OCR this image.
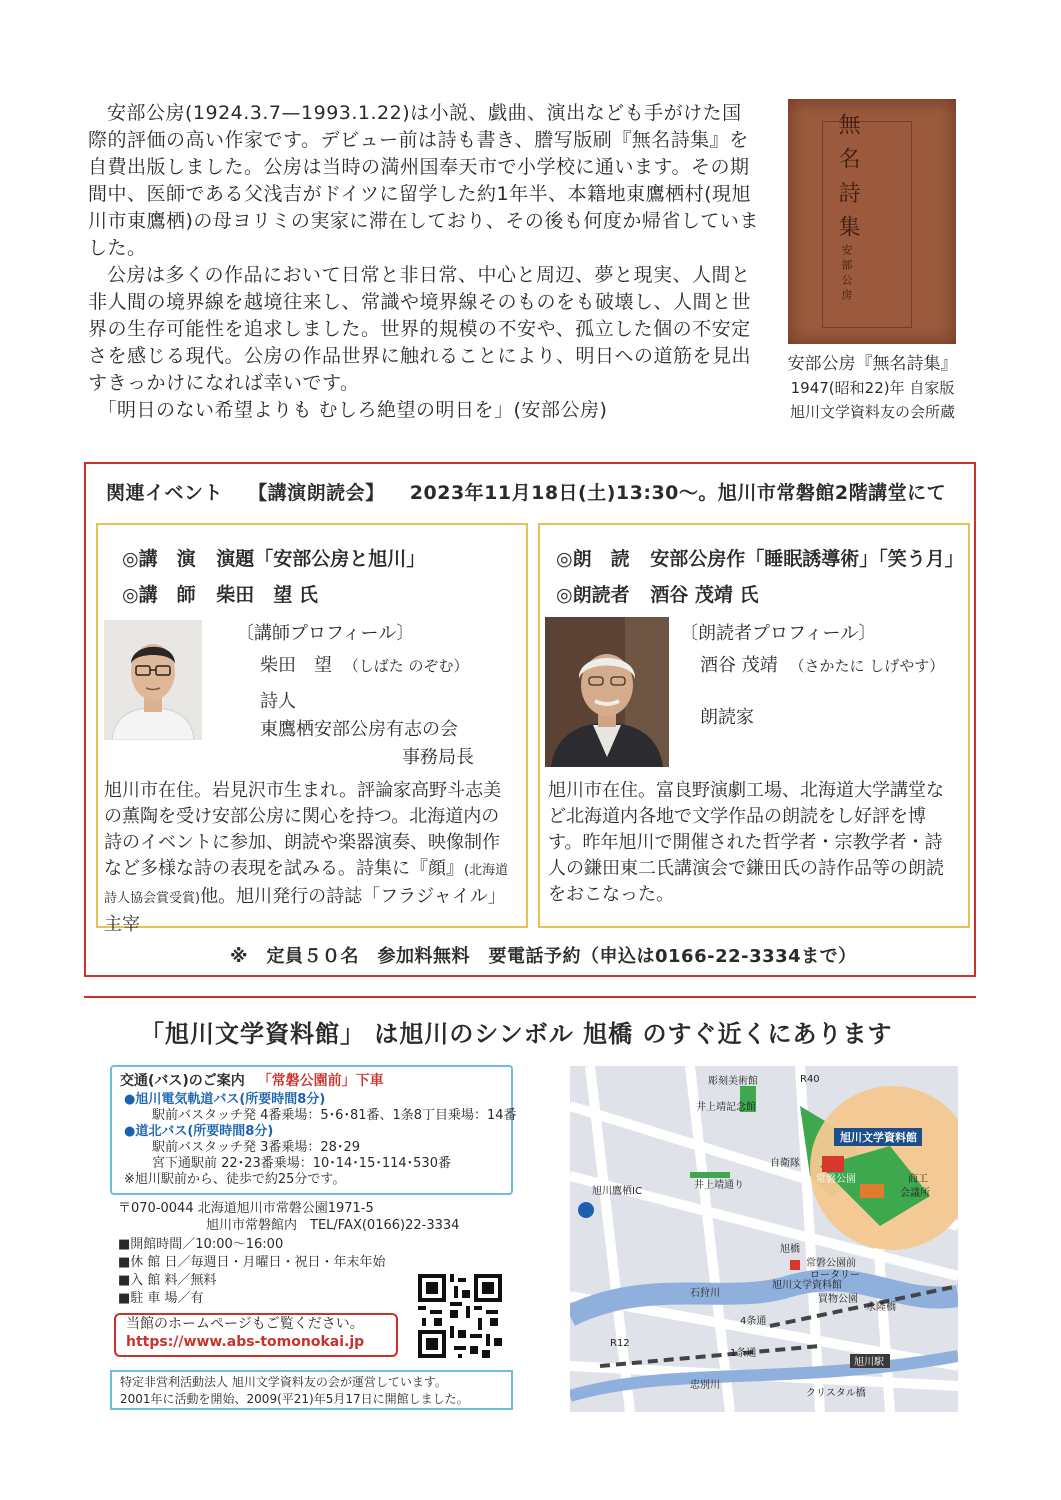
安部公房(1924.3.7—1993.1.22)は小説、戯曲、演出なども手がけた国際的評価の高い作家です。デビュー前は詩も書き、謄写版刷『無名詩集』を自費出版しました。公房は当時の満州国奉天市で小学校に通います。その期間中、医師である父浅吉がドイツに留学した約1年半、本籍地東鷹栖村(現旭川市東鷹栖)の母ヨリミの実家に滞在しており、その後も何度か帰省していました。

公房は多くの作品において日常と非日常、中心と周辺、夢と現実、人間と非人間の境界線を越境往来し、常識や境界線そのものをも破壊し、人間と世界の生存可能性を追求しました。世界的規模の不安や、孤立した個の不安定さを感じる現代。公房の作品世界に触れることにより、明日への道筋を見出すきっかけになれば幸いです。

「明日のない希望よりも むしろ絶望の明日を」(安部公房)

無名詩集
安部公房
安部公房『無名詩集』
1947(昭和22)年 自家版
旭川文学資料友の会所蔵
関連イベント 【講演朗読会】 2023年11月18日(土)13:30～。旭川市常磐館2階講堂にて
◎講　演 演題「安部公房と旭川」
◎講　師 柴田　望 氏
〔講師プロフィール〕
柴田　望 （しばた のぞむ）
詩人
東鷹栖安部公房有志の会
事務局長
旭川市在住。岩見沢市生まれ。評論家高野斗志美の薫陶を受け安部公房に関心を持つ。北海道内の詩のイベントに参加、朗読や楽器演奏、映像制作など多様な詩の表現を試みる。詩集に『顔』(北海道詩人協会賞受賞)他。旭川発行の詩誌「フラジャイル」主宰
◎朗　読 安部公房作「睡眠誘導術」「笑う月」
◎朗読者 酒谷 茂靖 氏
〔朗読者プロフィール〕
酒谷 茂靖 （さかたに しげやす）
朗読家
旭川市在住。富良野演劇工場、北海道大学講堂など北海道内各地で文学作品の朗読をし好評を博す。昨年旭川で開催された哲学者・宗教学者・詩人の鎌田東二氏講演会で鎌田氏の詩作品等の朗読をおこなった。
※　定員５０名　参加料無料　要電話予約（申込は0166-22-3334まで）
「旭川文学資料館」 は旭川のシンボル 旭橋 のすぐ近くにあります
交通(バス)のご案内 「常磐公園前」下車
●旭川電気軌道バス(所要時間8分)
駅前バスタッチ発 4番乗場：5･6･81番、1条8丁目乗場：14番
●道北バス(所要時間8分)
駅前バスタッチ発 3番乗場：28･29
宮下通駅前 22･23番乗場：10･14･15･114･530番
※旭川駅前から、徒歩で約25分です。
〒070-0044 北海道旭川市常磐公園1971-5
旭川市常磐館内　TEL/FAX(0166)22-3334
■開館時間／10:00～16:00
■休 館 日／毎週日・月曜日・祝日・年末年始
■入 館 料／無料
■駐 車 場／有
当館のホームページもご覧ください。
https://www.abs-tomonokai.jp
特定非営利活動法人 旭川文学資料友の会が運営しています。
2001年に活動を開始、2009(平21)年5月17日に開館しました。
彫刻美術館
井上靖記念館
井上靖通り
旭川鷹栖IC
R40
R12
石狩川
忠別川
旭橋
4条通
1条通
自衛隊
常磐公園前
ロータリー
旭川文学資料館
買物公園
永隆橋
クリスタル橋
旭川駅
常磐公園	商工
会議所
旭川文学資料館
